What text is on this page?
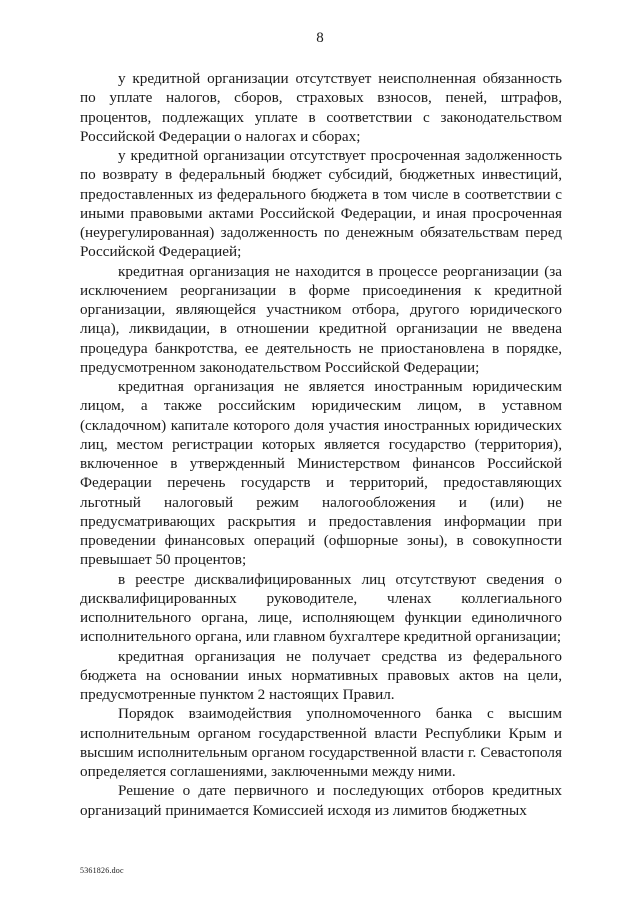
8

у кредитной организации отсутствует неисполненная обязанность по уплате налогов, сборов, страховых взносов, пеней, штрафов, процентов, подлежащих уплате в соответствии с законодательством Российской Федерации о налогах и сборах;

у кредитной организации отсутствует просроченная задолженность по возврату в федеральный бюджет субсидий, бюджетных инвестиций, предоставленных из федерального бюджета в том числе в соответствии с иными правовыми актами Российской Федерации, и иная просроченная (неурегулированная) задолженность по денежным обязательствам перед Российской Федерацией;

кредитная организация не находится в процессе реорганизации (за исключением реорганизации в форме присоединения к кредитной организации, являющейся участником отбора, другого юридического лица), ликвидации, в отношении кредитной организации не введена процедура банкротства, ее деятельность не приостановлена в порядке, предусмотренном законодательством Российской Федерации;

кредитная организация не является иностранным юридическим лицом, а также российским юридическим лицом, в уставном (складочном) капитале которого доля участия иностранных юридических лиц, местом регистрации которых является государство (территория), включенное в утвержденный Министерством финансов Российской Федерации перечень государств и территорий, предоставляющих льготный налоговый режим налогообложения и (или) не предусматривающих раскрытия и предоставления информации при проведении финансовых операций (офшорные зоны), в совокупности превышает 50 процентов;

в реестре дисквалифицированных лиц отсутствуют сведения о дисквалифицированных руководителе, членах коллегиального исполнительного органа, лице, исполняющем функции единоличного исполнительного органа, или главном бухгалтере кредитной организации;

кредитная организация не получает средства из федерального бюджета на основании иных нормативных правовых актов на цели, предусмотренные пунктом 2 настоящих Правил.

Порядок взаимодействия уполномоченного банка с высшим исполнительным органом государственной власти Республики Крым и высшим исполнительным органом государственной власти г. Севастополя определяется соглашениями, заключенными между ними.

Решение о дате первичного и последующих отборов кредитных организаций принимается Комиссией исходя из лимитов бюджетных

5361826.doc
